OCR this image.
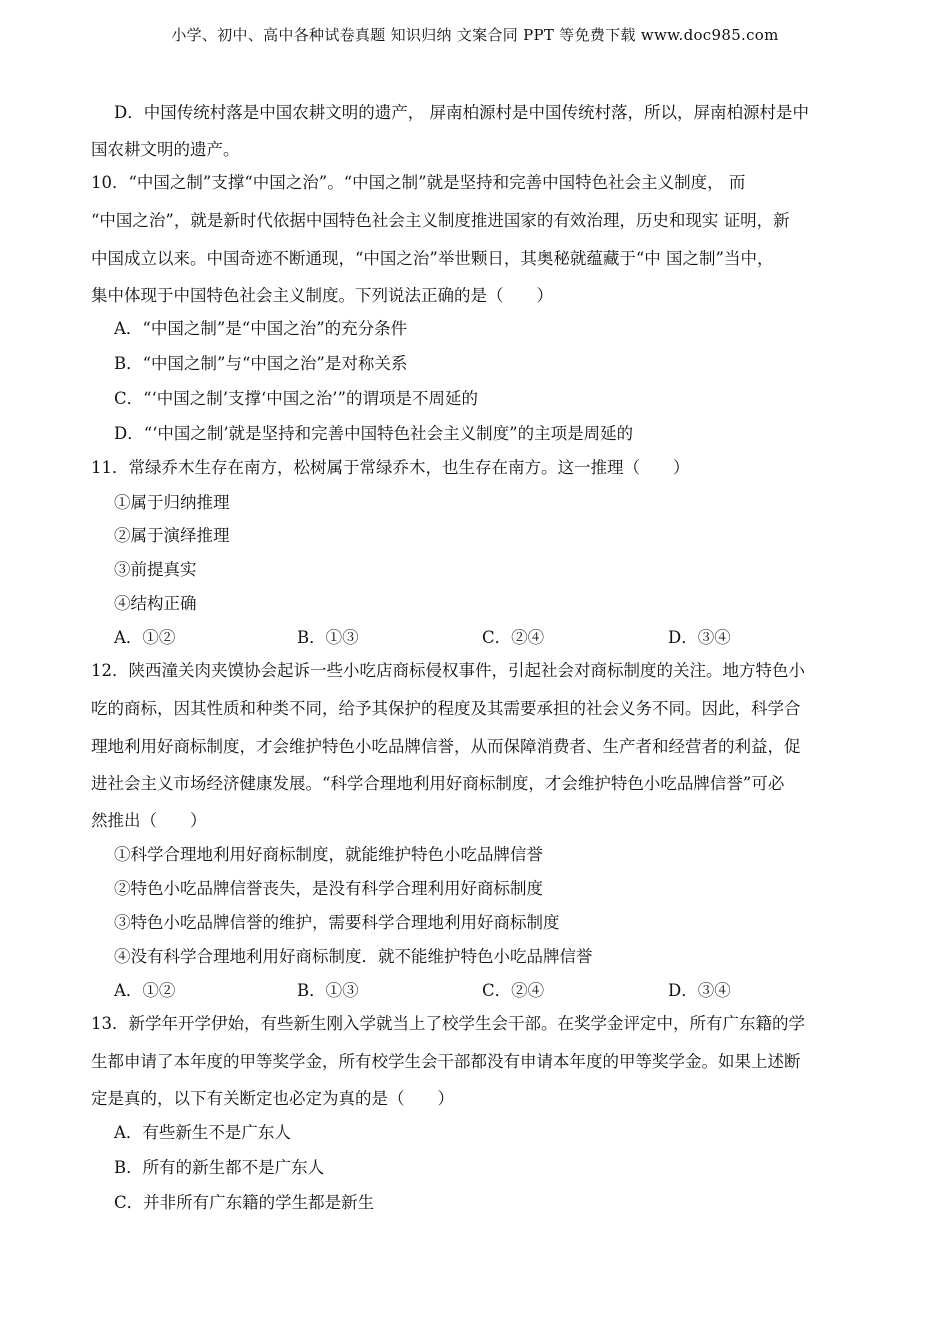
小学、初中、高中各种试卷真题 知识归纳 文案合同 PPT 等免费下载 www.doc985.com
D．中国传统村落是中国农耕文明的遗产， 屏南柏源村是中国传统村落，所以，屏南柏源村是中
国农耕文明的遗产。
10．“中国之制”支撑“中国之治”。“中国之制”就是坚持和完善中国特色社会主义制度， 而
“中国之治”，就是新时代依据中国特色社会主义制度推进国家的有效治理，历史和现实 证明，新
中国成立以来。中国奇迹不断通现，“中国之治”举世颗日，其奥秘就蕴藏于“中 国之制”当中，
集中体现于中国特色社会主义制度。下列说法正确的是（　　）
A．“中国之制”是“中国之治”的充分条件
B．“中国之制”与“中国之治”是对称关系
C．“‘中国之制’支撑‘中国之治’”的谓项是不周延的
D．“‘中国之制’就是坚持和完善中国特色社会主义制度”的主项是周延的
11．常绿乔木生存在南方，松树属于常绿乔木，也生存在南方。这一推理（　　）
①属于归纳推理
②属于演绎推理
③前提真实
④结构正确
A．①②	B．①③	C．②④	D．③④
12．陕西潼关肉夹馍协会起诉一些小吃店商标侵权事件，引起社会对商标制度的关注。地方特色小
吃的商标，因其性质和种类不同，给予其保护的程度及其需要承担的社会义务不同。因此，科学合
理地利用好商标制度，才会维护特色小吃品牌信誉，从而保障消费者、生产者和经营者的利益，促
进社会主义市场经济健康发展。“科学合理地利用好商标制度，才会维护特色小吃品牌信誉”可必
然推出（　　）
①科学合理地利用好商标制度，就能维护特色小吃品牌信誉
②特色小吃品牌信誉丧失，是没有科学合理利用好商标制度
③特色小吃品牌信誉的维护，需要科学合理地利用好商标制度
④没有科学合理地利用好商标制度．就不能维护特色小吃品牌信誉
A．①②	B．①③	C．②④	D．③④
13．新学年开学伊始，有些新生刚入学就当上了校学生会干部。在奖学金评定中，所有广东籍的学
生都申请了本年度的甲等奖学金，所有校学生会干部都没有申请本年度的甲等奖学金。如果上述断
定是真的，以下有关断定也必定为真的是（　　）
A．有些新生不是广东人
B．所有的新生都不是广东人
C．并非所有广东籍的学生都是新生
